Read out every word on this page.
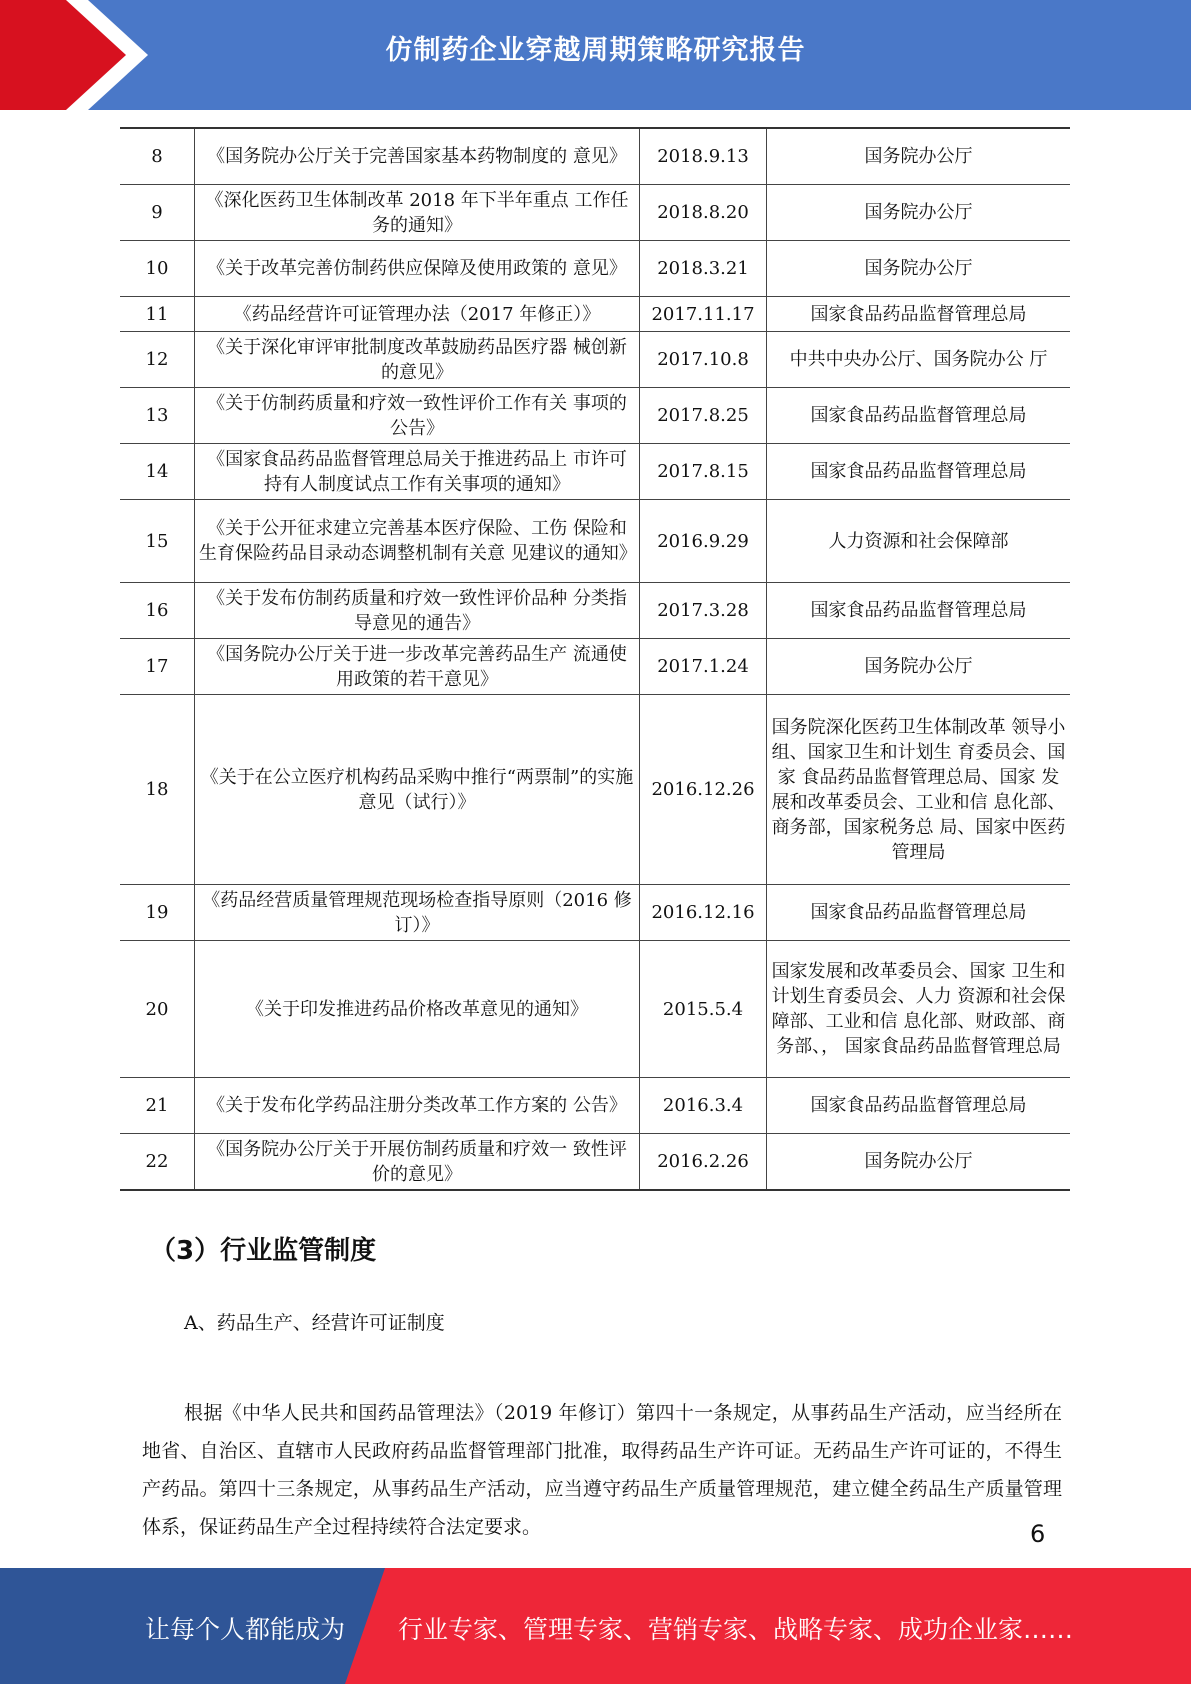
仿制药企业穿越周期策略研究报告
8	《国务院办公厅关于完善国家基本药物制度的 意见》	2018.9.13	国务院办公厅
9	《深化医药卫生体制改革 2018 年下半年重点 工作任务的通知》	2018.8.20	国务院办公厅
10	《关于改革完善仿制药供应保障及使用政策的 意见》	2018.3.21	国务院办公厅
11	《药品经营许可证管理办法（2017 年修正）》	2017.11.17	国家食品药品监督管理总局
12	《关于深化审评审批制度改革鼓励药品医疗器 械创新的意见》	2017.10.8	中共中央办公厅、国务院办公 厅
13	《关于仿制药质量和疗效一致性评价工作有关 事项的公告》	2017.8.25	国家食品药品监督管理总局
14	《国家食品药品监督管理总局关于推进药品上 市许可持有人制度试点工作有关事项的通知》	2017.8.15	国家食品药品监督管理总局
15	《关于公开征求建立完善基本医疗保险、工伤 保险和生育保险药品目录动态调整机制有关意 见建议的通知》	2016.9.29	人力资源和社会保障部
16	《关于发布仿制药质量和疗效一致性评价品种 分类指导意见的通告》	2017.3.28	国家食品药品监督管理总局
17	《国务院办公厅关于进一步改革完善药品生产 流通使用政策的若干意见》	2017.1.24	国务院办公厅
18	《关于在公立医疗机构药品采购中推行“两票制”的实施意见（试行）》	2016.12.26	国务院深化医药卫生体制改革 领导小组、国家卫生和计划生 育委员会、国家 食品药品监督管理总局、国家 发展和改革委员会、工业和信 息化部、商务部，国家税务总 局、国家中医药管理局
19	《药品经营质量管理规范现场检查指导原则（2016 修订）》	2016.12.16	国家食品药品监督管理总局
20	《关于印发推进药品价格改革意见的通知》	2015.5.4	国家发展和改革委员会、国家 卫生和计划生育委员会、人力 资源和社会保障部、工业和信 息化部、财政部、商务部、， 国家食品药品监督管理总局
21	《关于发布化学药品注册分类改革工作方案的 公告》	2016.3.4	国家食品药品监督管理总局
22	《国务院办公厅关于开展仿制药质量和疗效一 致性评价的意见》	2016.2.26	国务院办公厅
（3）行业监管制度
A、药品生产、经营许可证制度

根据《中华人民共和国药品管理法》（2019 年修订）第四十一条规定，从事药品生产活动，应当经所在地省、自治区、直辖市人民政府药品监督管理部门批准，取得药品生产许可证。无药品生产许可证的，不得生产药品。第四十三条规定，从事药品生产活动，应当遵守药品生产质量管理规范，建立健全药品生产质量管理体系，保证药品生产全过程持续符合法定要求。	6
让每个人都能成为 行业专家、管理专家、营销专家、战略专家、成功企业家……
